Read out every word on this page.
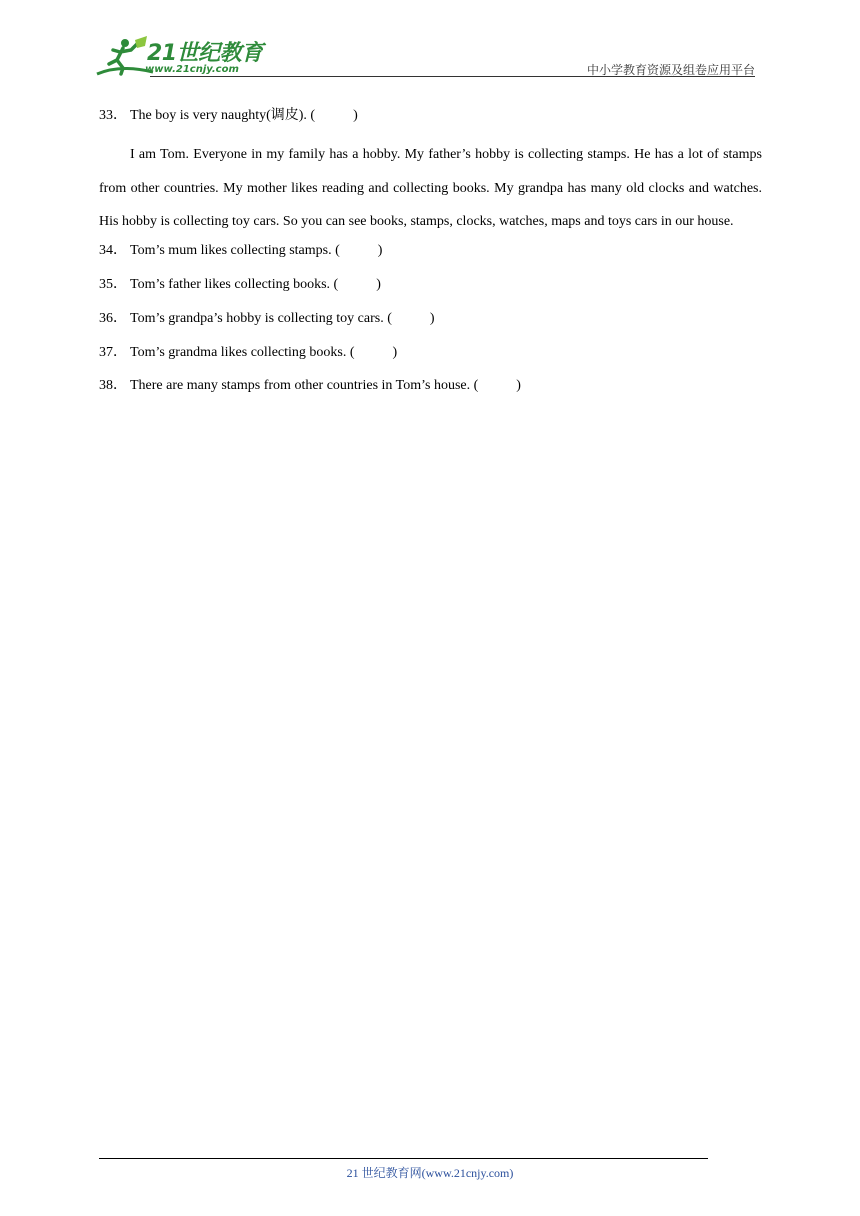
21世纪教育
www.21cnjy.com	中小学教育资源及组卷应用平台
33． The boy is very naughty(调皮). (	)

I am Tom. Everyone in my family has a hobby. My father’s hobby is collecting stamps. He has a lot of stamps from other countries. My mother likes reading and collecting books. My grandpa has many old clocks and watches. His hobby is collecting toy cars. So you can see books, stamps, clocks, watches, maps and toys cars in our house.

34． Tom’s mum likes collecting stamps. (	)
35． Tom’s father likes collecting books. (	)
36． Tom’s grandpa’s hobby is collecting toy cars. (	)
37． Tom’s grandma likes collecting books. (	)
38． There are many stamps from other countries in Tom’s house. (	)
21 世纪教育网(www.21cnjy.com)
